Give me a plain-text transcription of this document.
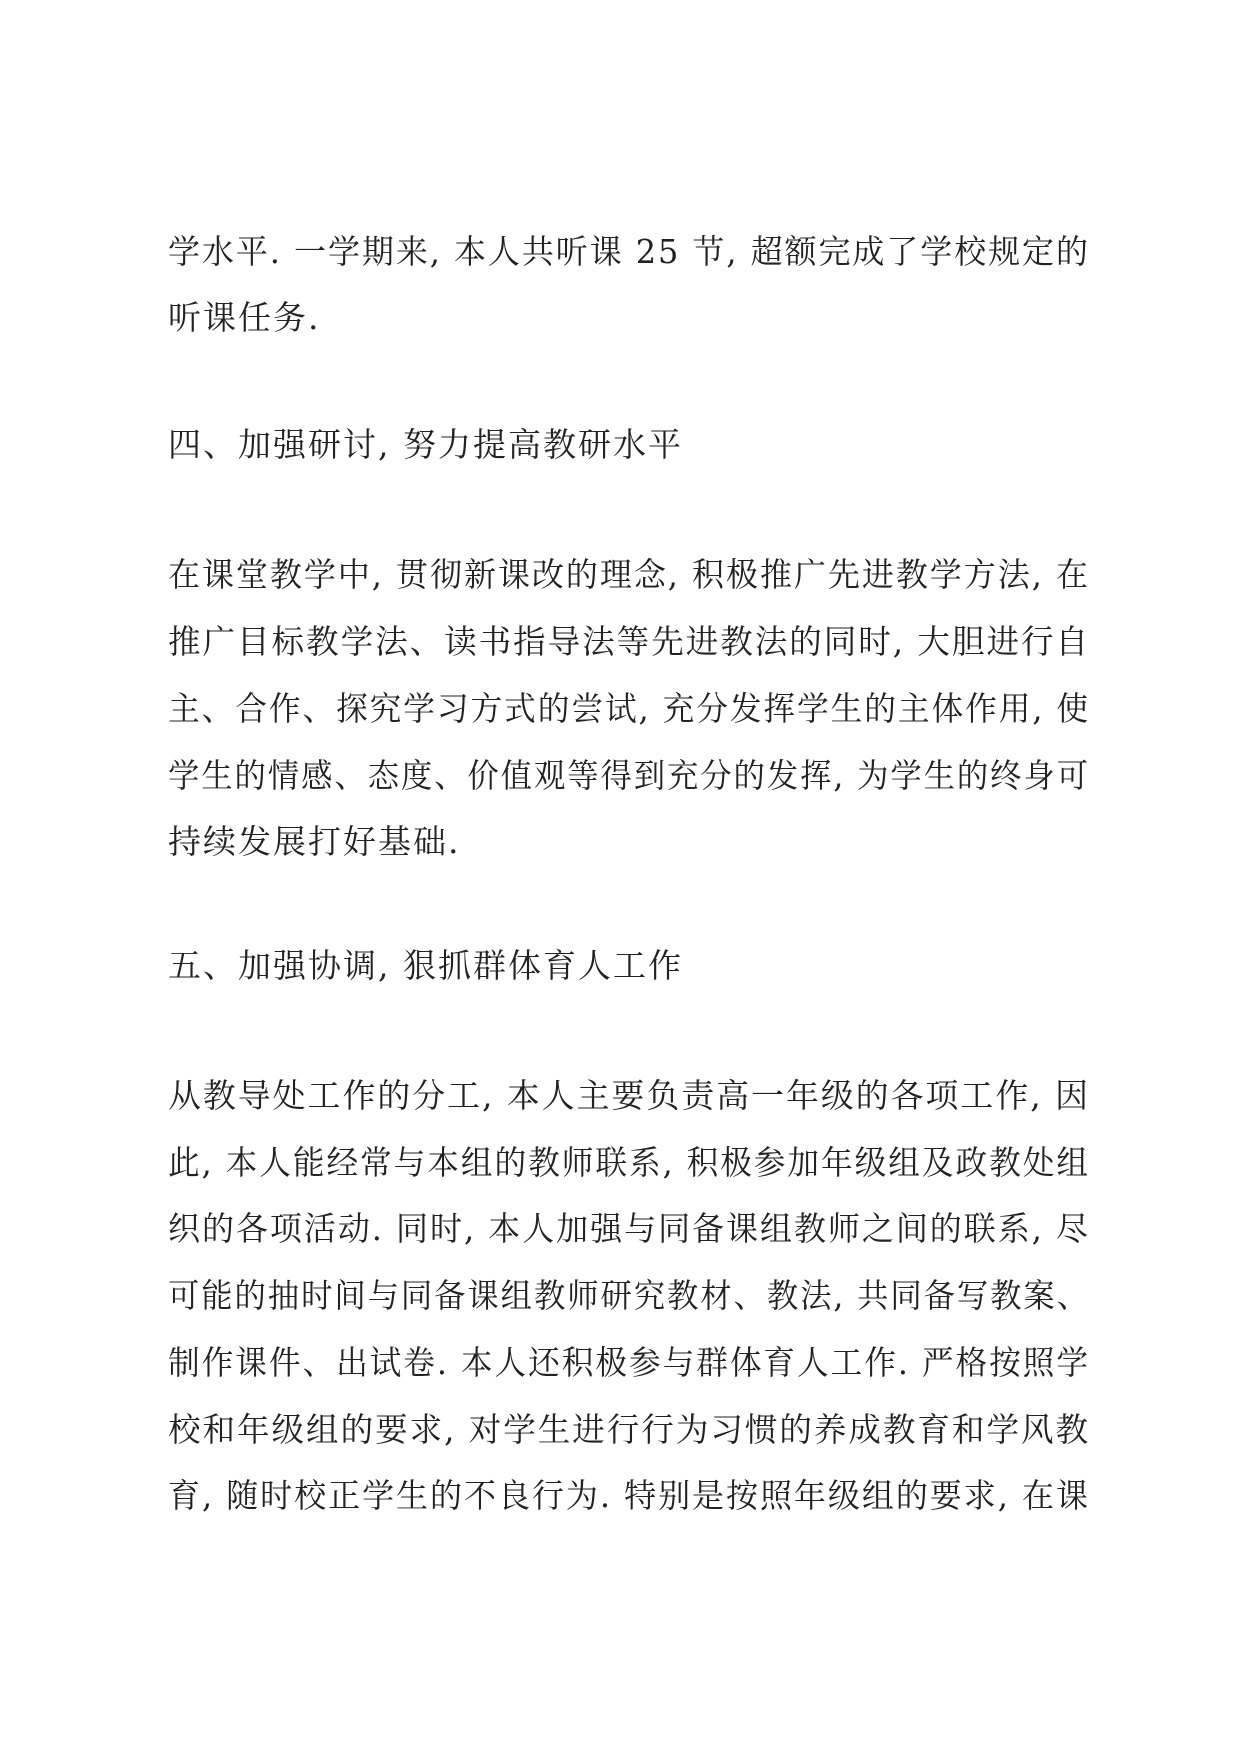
学水平. 一学期来, 本人共听课 25 节, 超额完成了学校规定的
听课任务.
四、加强研讨, 努力提高教研水平
在课堂教学中, 贯彻新课改的理念, 积极推广先进教学方法, 在
推广目标教学法、读书指导法等先进教法的同时, 大胆进行自
主、合作、探究学习方式的尝试, 充分发挥学生的主体作用, 使
学生的情感、态度、价值观等得到充分的发挥, 为学生的终身可
持续发展打好基础.
五、加强协调, 狠抓群体育人工作
从教导处工作的分工, 本人主要负责高一年级的各项工作, 因
此, 本人能经常与本组的教师联系, 积极参加年级组及政教处组
织的各项活动. 同时, 本人加强与同备课组教师之间的联系, 尽
可能的抽时间与同备课组教师研究教材、教法, 共同备写教案、
制作课件、出试卷. 本人还积极参与群体育人工作. 严格按照学
校和年级组的要求, 对学生进行行为习惯的养成教育和学风教
育, 随时校正学生的不良行为. 特别是按照年级组的要求, 在课
